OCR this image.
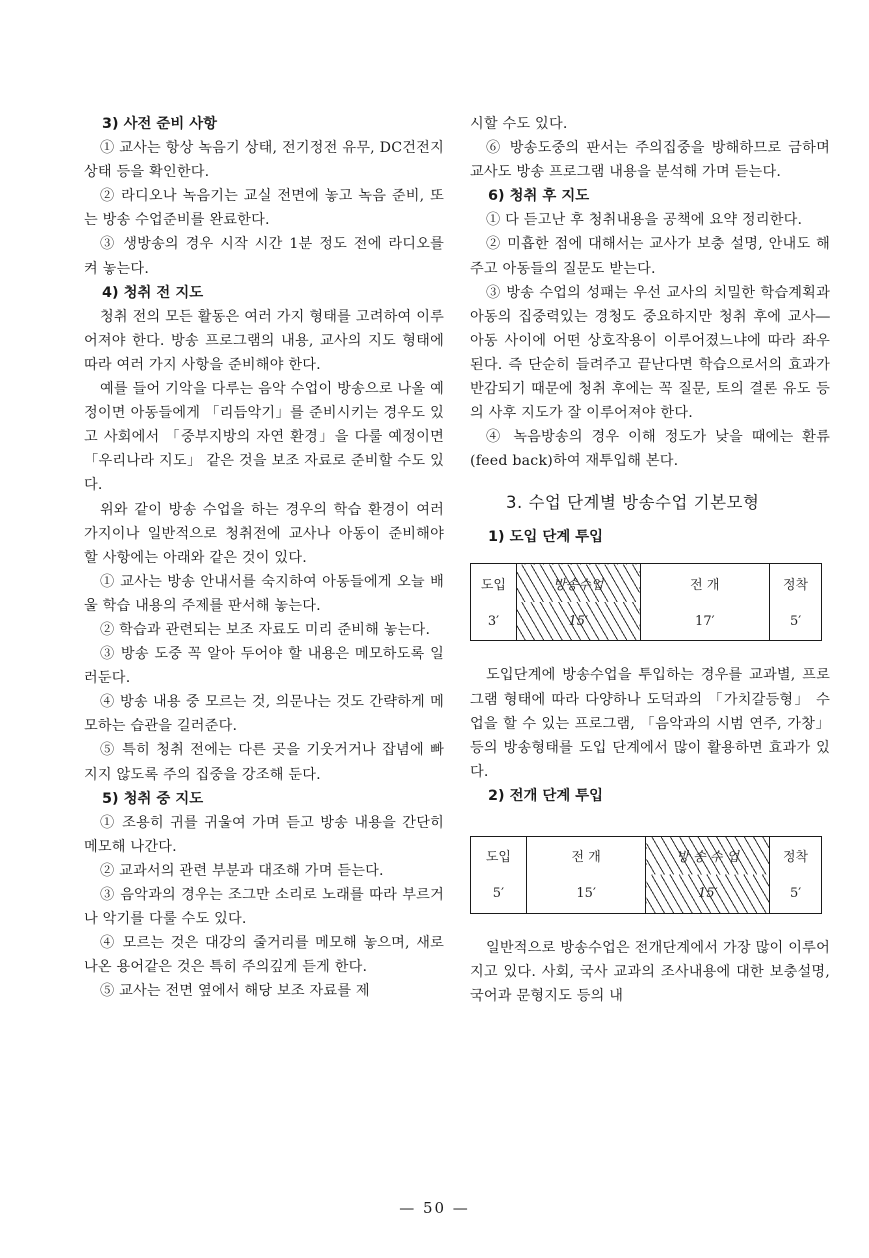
3) 사전 준비 사항

① 교사는 항상 녹음기 상태, 전기정전 유무, DC건전지 상태 등을 확인한다.

② 라디오나 녹음기는 교실 전면에 놓고 녹음 준비, 또는 방송 수업준비를 완료한다.

③ 생방송의 경우 시작 시간 1분 정도 전에 라디오를 켜 놓는다.

4) 청취 전 지도

청취 전의 모든 활동은 여러 가지 형태를 고려하여 이루어져야 한다. 방송 프로그램의 내용, 교사의 지도 형태에 따라 여러 가지 사항을 준비해야 한다.

예를 들어 기악을 다루는 음악 수업이 방송으로 나올 예정이면 아동들에게 「리듬악기」를 준비시키는 경우도 있고 사회에서 「중부지방의 자연 환경」을 다룰 예정이면 「우리나라 지도」 같은 것을 보조 자료로 준비할 수도 있다.

위와 같이 방송 수업을 하는 경우의 학습 환경이 여러 가지이나 일반적으로 청취전에 교사나 아동이 준비해야 할 사항에는 아래와 같은 것이 있다.

① 교사는 방송 안내서를 숙지하여 아동들에게 오늘 배울 학습 내용의 주제를 판서해 놓는다.

② 학습과 관련되는 보조 자료도 미리 준비해 놓는다.

③ 방송 도중 꼭 알아 두어야 할 내용은 메모하도록 일러둔다.

④ 방송 내용 중 모르는 것, 의문나는 것도 간략하게 메모하는 습관을 길러준다.

⑤ 특히 청취 전에는 다른 곳을 기웃거거나 잡념에 빠지지 않도록 주의 집중을 강조해 둔다.

5) 청취 중 지도

① 조용히 귀를 귀울여 가며 듣고 방송 내용을 간단히 메모해 나간다.

② 교과서의 관련 부분과 대조해 가며 듣는다.

③ 음악과의 경우는 조그만 소리로 노래를 따라 부르거나 악기를 다룰 수도 있다.

④ 모르는 것은 대강의 줄거리를 메모해 놓으며, 새로 나온 용어같은 것은 특히 주의깊게 듣게 한다.

⑤ 교사는 전면 옆에서 해당 보조 자료를 제

시할 수도 있다.

⑥ 방송도중의 판서는 주의집중을 방해하므로 금하며 교사도 방송 프로그램 내용을 분석해 가며 듣는다.

6) 청취 후 지도

① 다 듣고난 후 청취내용을 공책에 요약 정리한다.

② 미흡한 점에 대해서는 교사가 보충 설명, 안내도 해주고 아동들의 질문도 받는다.

③ 방송 수업의 성패는 우선 교사의 치밀한 학습계획과 아동의 집중력있는 경청도 중요하지만 청취 후에 교사―아동 사이에 어떤 상호작용이 이루어졌느냐에 따라 좌우된다. 즉 단순히 들려주고 끝난다면 학습으로서의 효과가 반감되기 때문에 청취 후에는 꼭 질문, 토의 결론 유도 등의 사후 지도가 잘 이루어져야 한다.

④ 녹음방송의 경우 이해 정도가 낮을 때에는 환류(feed back)하여 재투입해 본다.

3. 수업 단계별 방송수업 기본모형

1) 도입 단계 투입

도입	방송수업	전 개	정착
3′	15′	17′	5′

도입단계에 방송수업을 투입하는 경우를 교과별, 프로그램 형태에 따라 다양하나 도덕과의 「가치갈등형」 수업을 할 수 있는 프로그램, 「음악과의 시범 연주, 가창」 등의 방송형태를 도입 단계에서 많이 활용하면 효과가 있다.

2) 전개 단계 투입

도입	전 개	방 송 수 업	정착
5′	15′	15′	5′

일반적으로 방송수업은 전개단계에서 가장 많이 이루어지고 있다. 사회, 국사 교과의 조사내용에 대한 보충설명, 국어과 문형지도 등의 내

— 50 —
